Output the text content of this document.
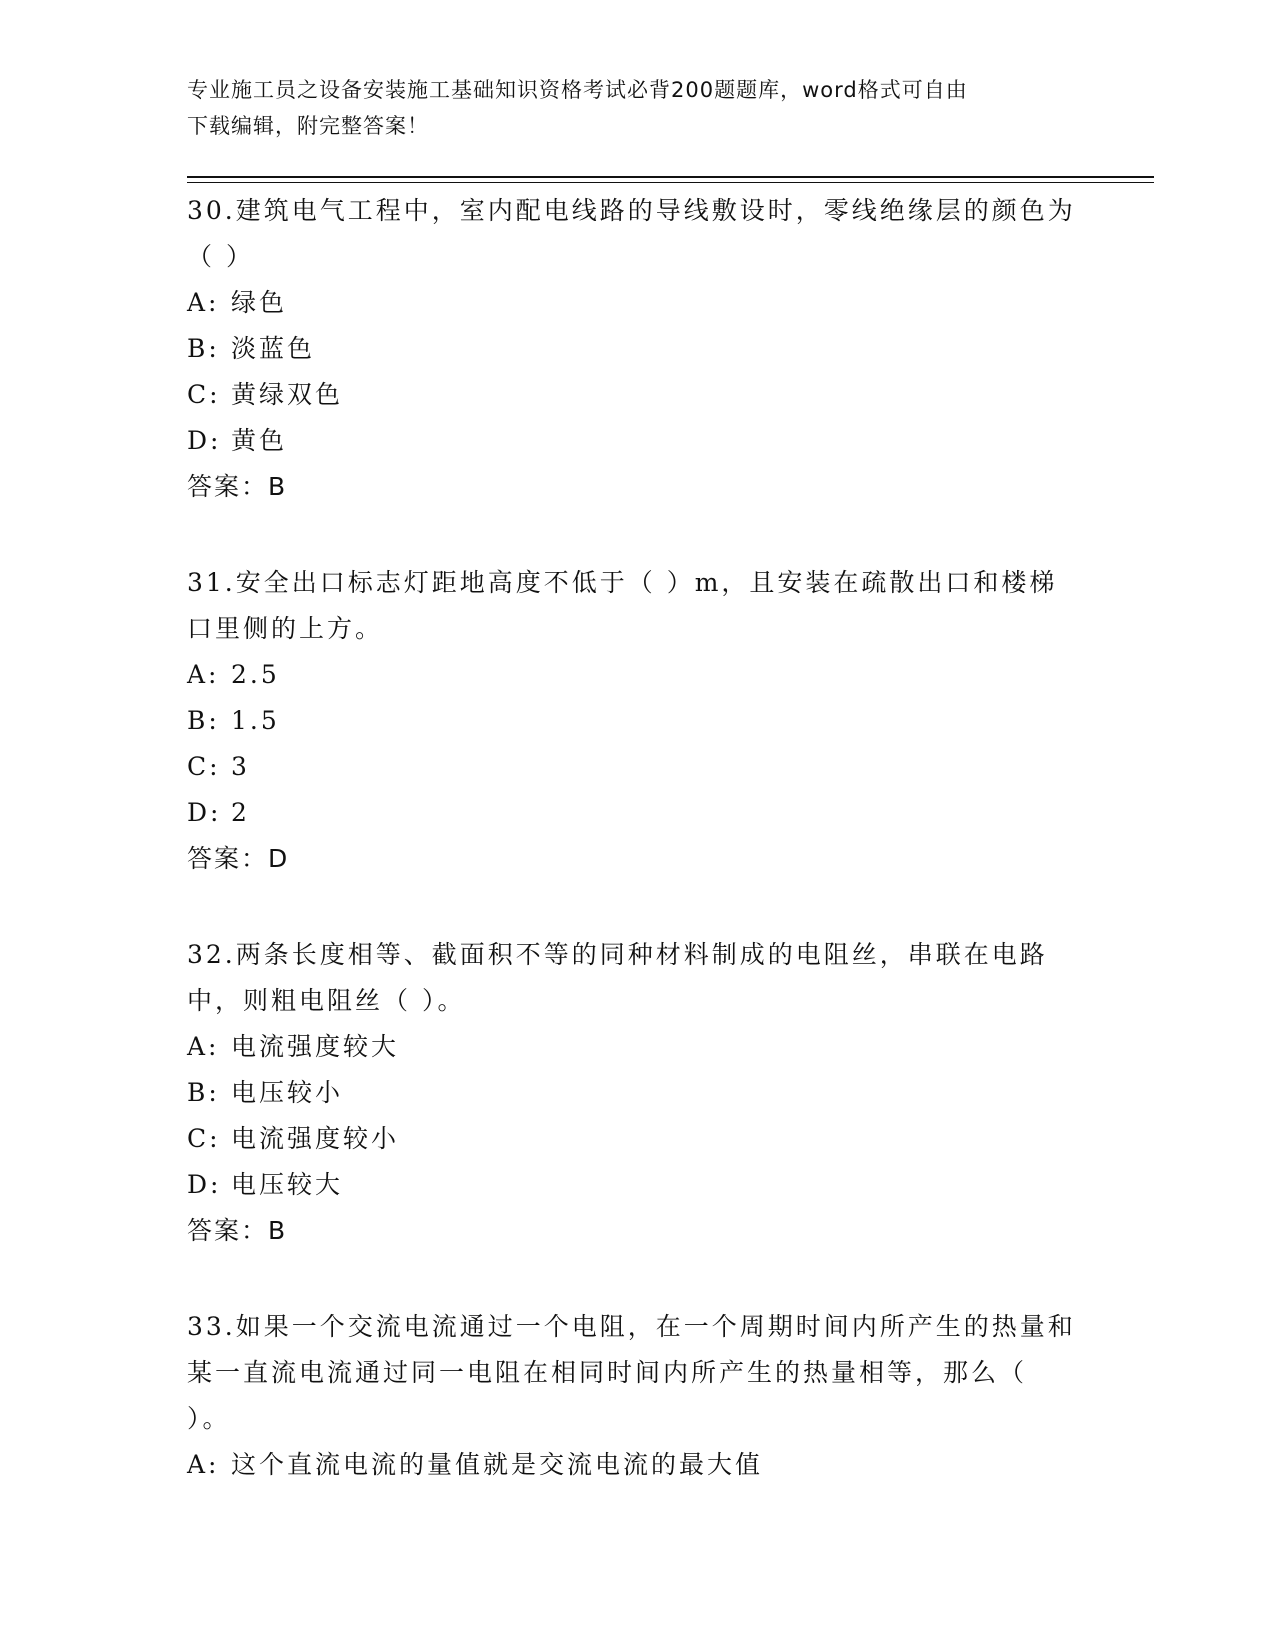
专业施工员之设备安装施工基础知识资格考试必背200题题库，word格式可自由
下载编辑，附完整答案！

30.建筑电气工程中，室内配电线路的导线敷设时，零线绝缘层的颜色为（ ）

A: 绿色

B: 淡蓝色

C: 黄绿双色

D: 黄色

答案：B

31.安全出口标志灯距地高度不低于（ ）m，且安装在疏散出口和楼梯口里侧的上方。

A: 2.5

B: 1.5

C: 3

D: 2

答案：D

32.两条长度相等、截面积不等的同种材料制成的电阻丝，串联在电路中，则粗电阻丝（ ）。

A: 电流强度较大

B: 电压较小

C: 电流强度较小

D: 电压较大

答案：B

33.如果一个交流电流通过一个电阻，在一个周期时间内所产生的热量和某一直流电流通过同一电阻在相同时间内所产生的热量相等，那么（ ）。

A: 这个直流电流的量值就是交流电流的最大值
